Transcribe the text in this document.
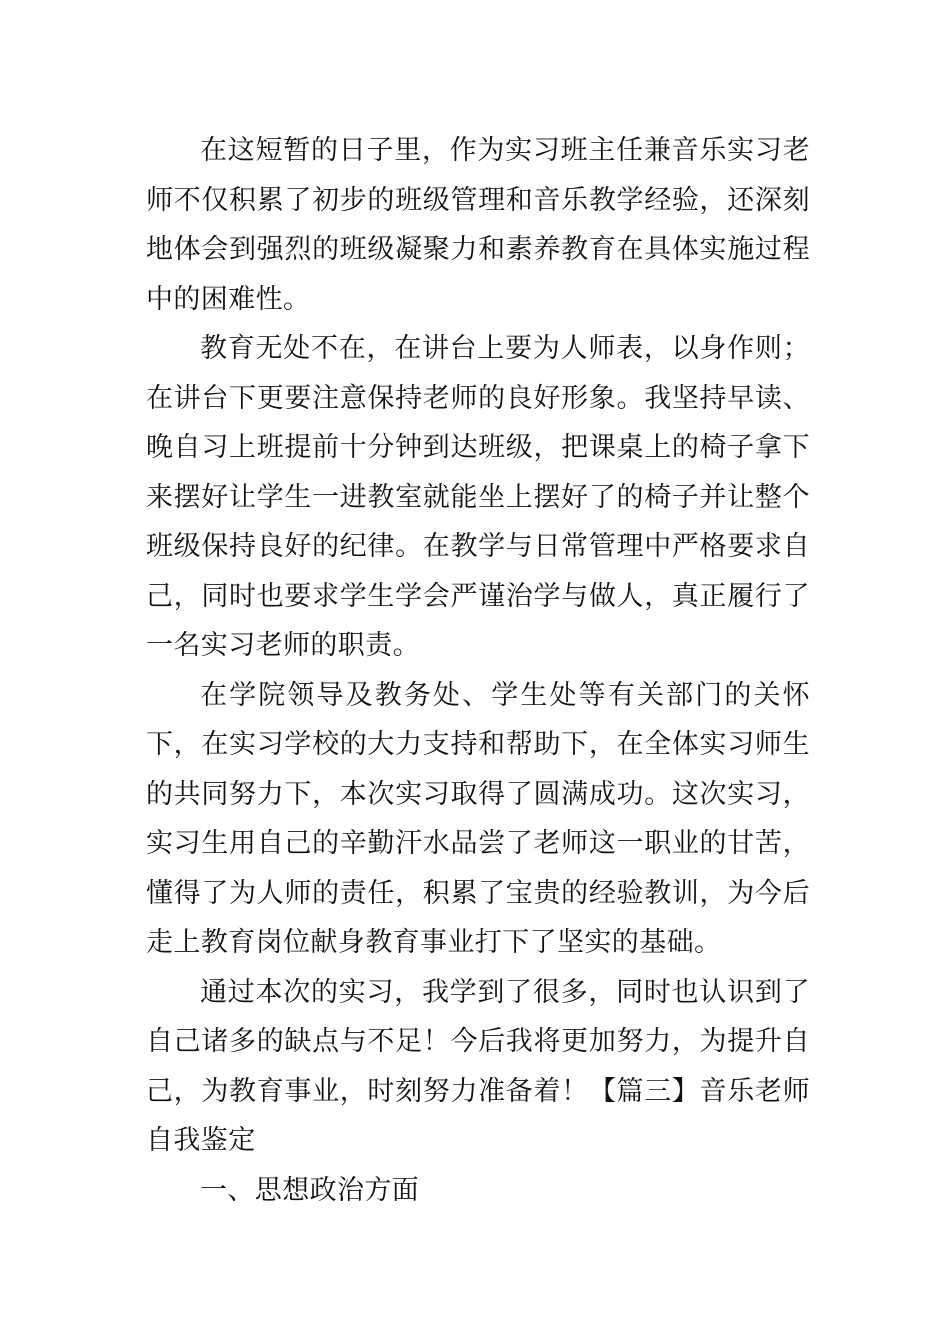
在这短暂的日子里，作为实习班主任兼音乐实习老师不仅积累了初步的班级管理和音乐教学经验，还深刻地体会到强烈的班级凝聚力和素养教育在具体实施过程中的困难性。

教育无处不在，在讲台上要为人师表，以身作则；在讲台下更要注意保持老师的良好形象。我坚持早读、晚自习上班提前十分钟到达班级，把课桌上的椅子拿下来摆好让学生一进教室就能坐上摆好了的椅子并让整个班级保持良好的纪律。在教学与日常管理中严格要求自己，同时也要求学生学会严谨治学与做人，真正履行了一名实习老师的职责。

在学院领导及教务处、学生处等有关部门的关怀下，在实习学校的大力支持和帮助下，在全体实习师生的共同努力下，本次实习取得了圆满成功。这次实习，实习生用自己的辛勤汗水品尝了老师这一职业的甘苦，懂得了为人师的责任，积累了宝贵的经验教训，为今后走上教育岗位献身教育事业打下了坚实的基础。

通过本次的实习，我学到了很多，同时也认识到了自己诸多的缺点与不足！今后我将更加努力，为提升自己，为教育事业，时刻努力准备着！【篇三】音乐老师自我鉴定

一、思想政治方面
